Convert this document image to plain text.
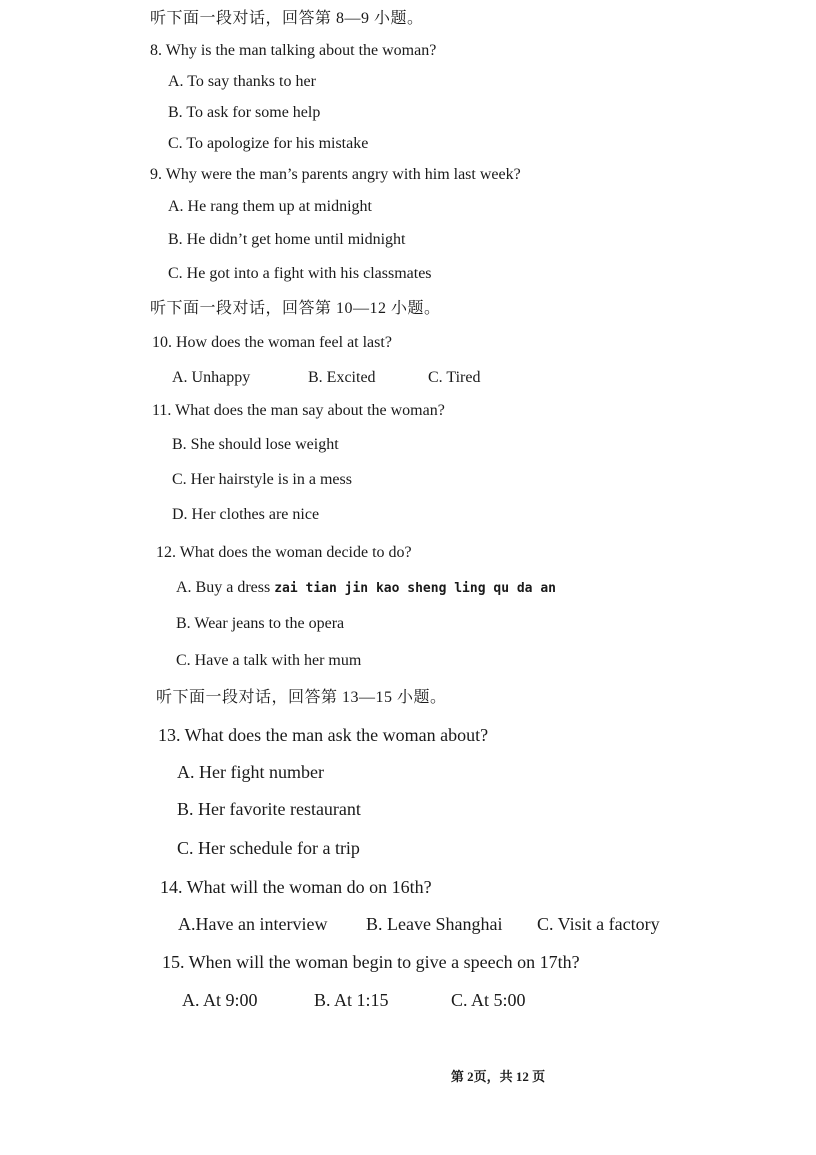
听下面一段对话，回答第 8—9 小题。
8. Why is the man talking about the woman?
A. To say thanks to her
B. To ask for some help
C. To apologize for his mistake
9. Why were the man’s parents angry with him last week?
A. He rang them up at midnight
B. He didn’t get home until midnight
C. He got into a fight with his classmates
听下面一段对话，回答第 10—12 小题。
10. How does the woman feel at last?
A. Unhappy	B. Excited	C. Tired
11. What does the man say about the woman?
B. She should lose weight
C. Her hairstyle is in a mess
D. Her clothes are nice
12. What does the woman decide to do?
A. Buy a dress zai tian jin kao sheng ling qu da an
B. Wear jeans to the opera
C. Have a talk with her mum
听下面一段对话，回答第 13—15 小题。
13. What does the man ask the woman about?
A. Her fight number
B. Her favorite restaurant
C. Her schedule for a trip
14. What will the woman do on 16th?
A.Have an interview B. Leave Shanghai C. Visit a factory
15. When will the woman begin to give a speech on 17th?
A. At 9:00	B. At 1:15	C. At 5:00
第 2页，共 12 页
